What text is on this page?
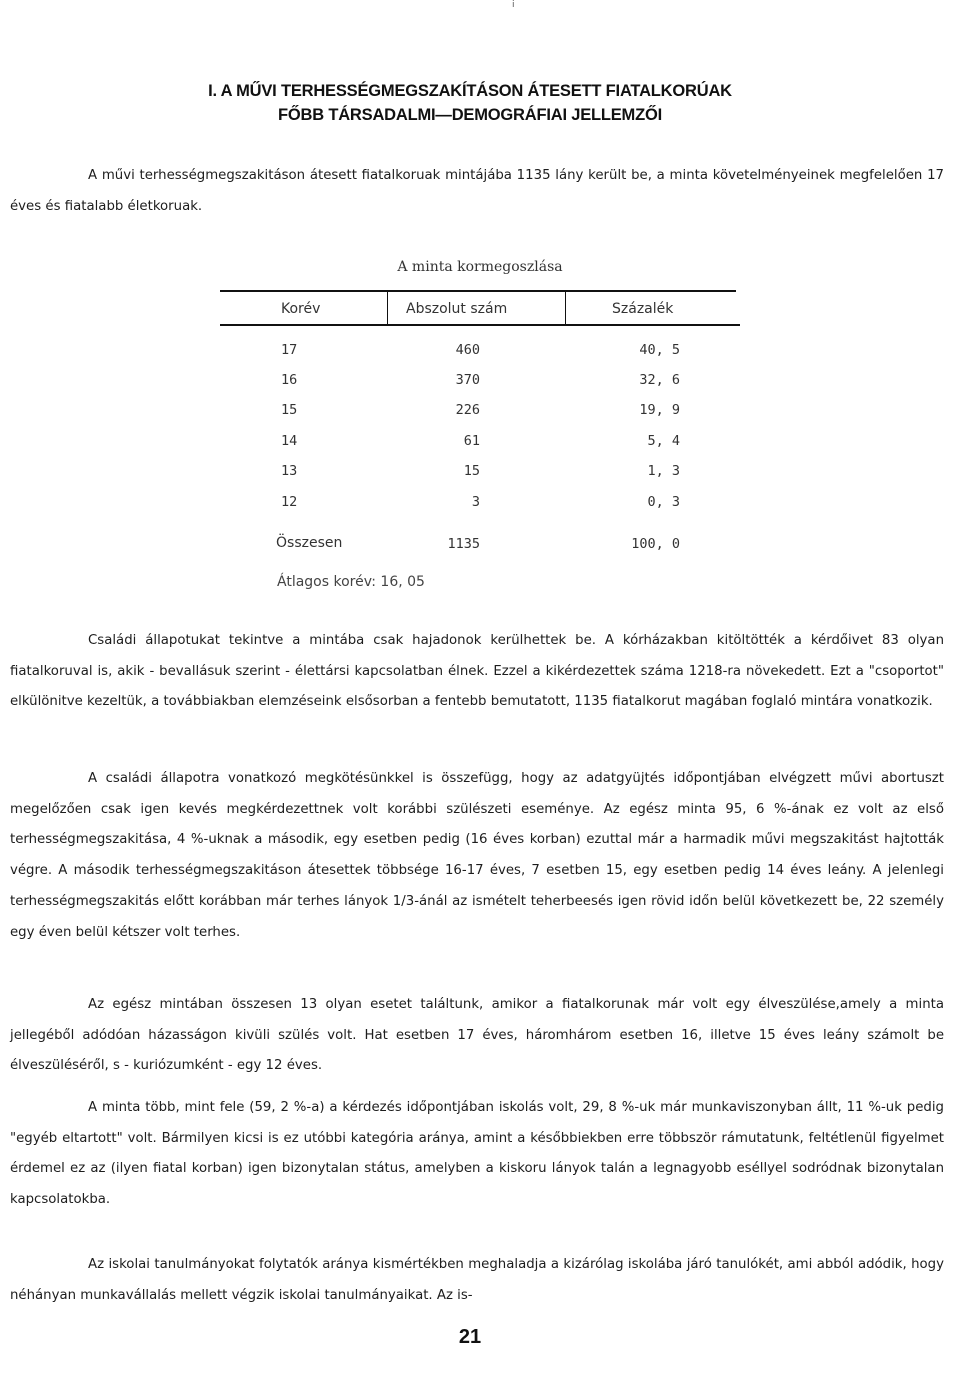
i
I. A MŰVI TERHESSÉGMEGSZAKÍTÁSON ÁTESETT FIATALKORÚAK
FŐBB TÁRSADALMI—DEMOGRÁFIAI JELLEMZŐI

A művi terhességmegszakitáson átesett fiatalkoruak mintájába 1135 lány került be, a minta követelményeinek megfelelően 17 éves és fiatalabb életkoruak.

A minta kormegoszlása
Korév	Abszolut szám	Százalék
17	460	40, 5
16	370	32, 6
15	226	19, 9
14	61	5, 4
13	15	1, 3
12	3	0, 3
Összesen	1135	100, 0
Átlagos korév: 16, 05

Családi állapotukat tekintve a mintába csak hajadonok kerülhettek be. A kórházakban kitöltötték a kérdőivet 83 olyan fiatalkoruval is, akik - bevallásuk szerint - élettársi kapcsolatban élnek. Ezzel a kikérdezettek száma 1218-ra növekedett. Ezt a "csoportot" elkülönitve kezeltük, a továbbiakban elemzéseink elsősorban a fentebb bemutatott, 1135 fiatalkorut magában foglaló mintára vonatkozik.

A családi állapotra vonatkozó megkötésünkkel is összefügg, hogy az adatgyüjtés időpontjában elvégzett művi abortuszt megelőzően csak igen kevés megkérdezettnek volt korábbi szülészeti eseménye. Az egész minta 95, 6 %-ának ez volt az első terhességmegszakitása, 4 %-uknak a második, egy esetben pedig (16 éves korban) ezuttal már a harmadik művi megszakitást hajtották végre. A második terhességmegszakitáson átesettek többsége 16-17 éves, 7 esetben 15, egy esetben pedig 14 éves leány. A jelenlegi terhességmegszakitás előtt korábban már terhes lányok 1/3-ánál az ismételt teherbeesés igen rövid időn belül következett be, 22 személy egy éven belül kétszer volt terhes.

Az egész mintában összesen 13 olyan esetet találtunk, amikor a fiatalkorunak már volt egy élveszülése,amely a minta jellegéből adódóan házasságon kivüli szülés volt. Hat esetben 17 éves, háromhárom esetben 16, illetve 15 éves leány számolt be élveszüléséről, s - kuriózumként - egy 12 éves.

A minta több, mint fele (59, 2 %-a) a kérdezés időpontjában iskolás volt, 29, 8 %-uk már munkaviszonyban állt, 11 %-uk pedig "egyéb eltartott" volt. Bármilyen kicsi is ez utóbbi kategória aránya, amint a későbbiekben erre többször rámutatunk, feltétlenül figyelmet érdemel ez az (ilyen fiatal korban) igen bizonytalan státus, amelyben a kiskoru lányok talán a legnagyobb eséllyel sodródnak bizonytalan kapcsolatokba.

Az iskolai tanulmányokat folytatók aránya kismértékben meghaladja a kizárólag iskolába járó tanulókét, ami abból adódik, hogy néhányan munkavállalás mellett végzik iskolai tanulmányaikat. Az is-

21
